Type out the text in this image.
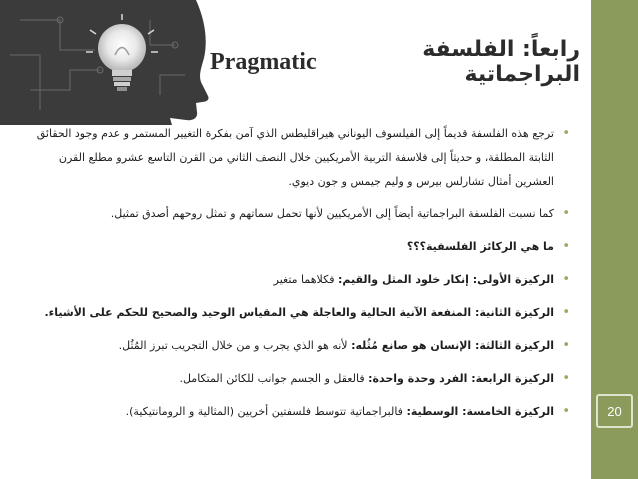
Pragmatic	رابعاً: الفلسفة البراجماتية

• ترجع هذه الفلسفة قديماً إلى الفيلسوف اليوناني هيراقليطس الذي آمن بفكرة التغيير المستمر و عدم وجود الحقائق الثابتة المطلقة، و حديثاً إلى فلاسفة التربية الأمريكيين خلال النصف الثاني من القرن التاسع عشرو مطلع القرن العشرين أمثال تشارلس بيرس و وليم جيمس و جون ديوي.

• كما نسبت الفلسفة البراجماتية أيضاً إلى الأمريكيين لأنها تحمل سماتهم و تمثل روحهم أصدق تمثيل.

• ما هي الركائز الفلسفية؟؟؟

• الركيزة الأولى: إنكار خلود المثل والقيم: فكلاهما متغير

• الركيزة الثانية: المنفعة الآنية الحالية والعاجلة هي المقياس الوحيد والصحيح للحكم على الأشياء.

• الركيزة الثالثة: الإنسان هو صانع مُثُله: لأنه هو الذي يجرب و من خلال التجريب تبرز المُثُل.

• الركيزة الرابعة: الفرد وحدة واحدة: فالعقل و الجسم جوانب للكائن المتكامل.

• الركيزة الخامسة: الوسطية: فالبراجماتية تتوسط فلسفتين أخريين (المثالية و الرومانتيكية).	20
